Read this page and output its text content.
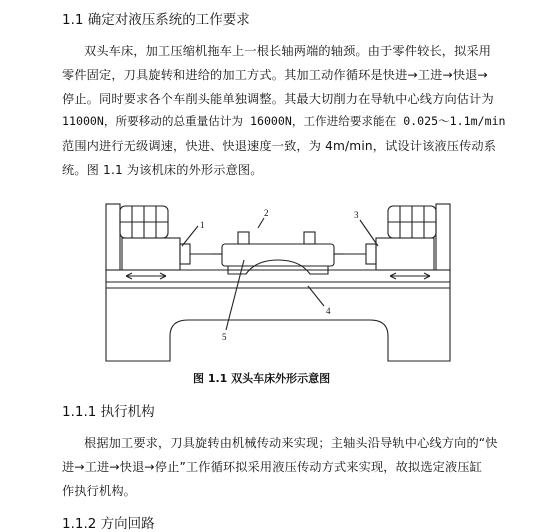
1.1 确定对液压系统的工作要求
双头车床，加工压缩机拖车上一根长轴两端的轴颈。由于零件较长，拟采用
零件固定，刀具旋转和进给的加工方式。其加工动作循环是快进→工进→快退→
停止。同时要求各个车削头能单独调整。其最大切削力在导轨中心线方向估计为
11000N，所要移动的总重量估计为 16000N，工作进给要求能在 0.025～1.1m/min
范围内进行无级调速，快进、快退速度一致，为 4m/min，试设计该液压传动系
统。图 1.1 为该机床的外形示意图。
1
2	3
4
5
图 1.1 双头车床外形示意图
1.1.1 执行机构
根据加工要求，刀具旋转由机械传动来实现；主轴头沿导轨中心线方向的“快
进→工进→快退→停止”工作循环拟采用液压传动方式来实现，故拟选定液压缸
作执行机构。
1.1.2 方向回路
